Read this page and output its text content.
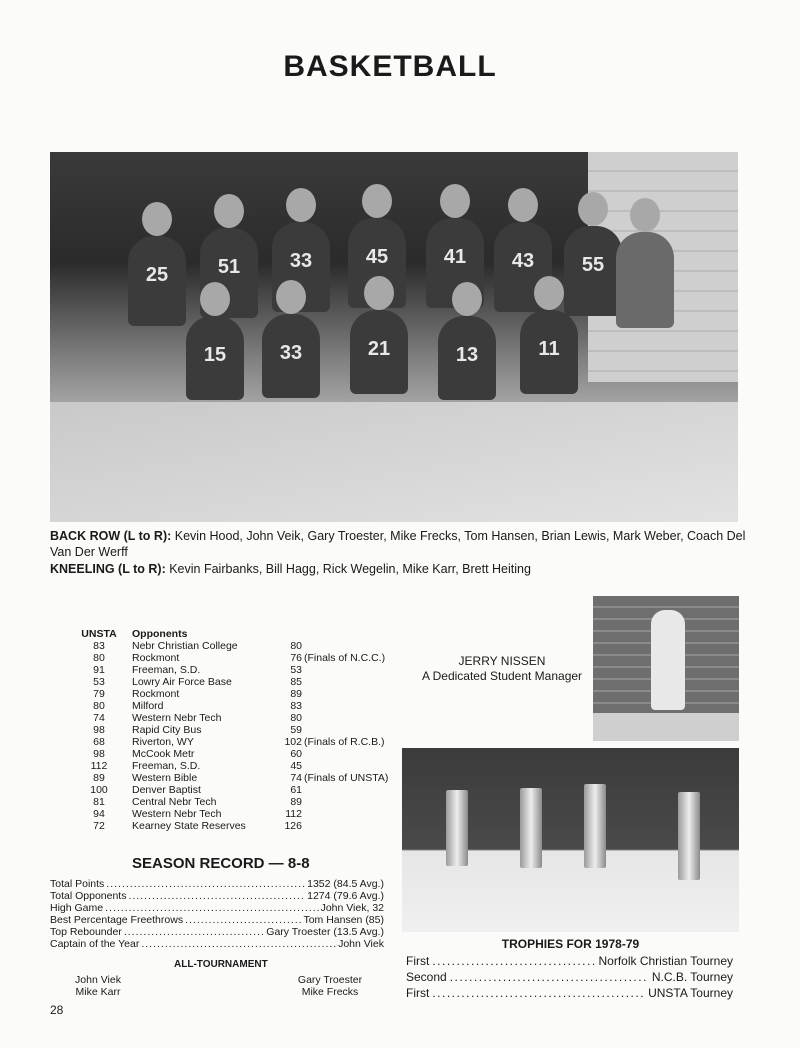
BASKETBALL
25	51	33	45	41	43	55
15	33	21	13	11
BACK ROW (L to R): Kevin Hood, John Veik, Gary Troester, Mike Frecks, Tom Hansen, Brian Lewis, Mark Weber, Coach Del Van Der Werff
KNEELING (L to R): Kevin Fairbanks, Bill Hagg, Rick Wegelin, Mike Karr, Brett Heiting
UNSTA	Opponents
83	Nebr Christian College	80
80	Rockmont	76 (Finals of N.C.C.)
91	Freeman, S.D.	53
53	Lowry Air Force Base	85
79	Rockmont	89
80	Milford	83
74	Western Nebr Tech	80
98	Rapid City Bus	59
68	Riverton, WY	102 (Finals of R.C.B.)
98	McCook Metr	60
112	Freeman, S.D.	45
89	Western Bible	74 (Finals of UNSTA)
100	Denver Baptist	61
81	Central Nebr Tech	89
94	Western Nebr Tech	112
72	Kearney State Reserves	126
SEASON RECORD — 8-8
Total Points .....	1352 (84.5 Avg.)
Total Opponents .....	1274 (79.6 Avg.)
High Game .....	John Viek, 32
Best Percentage Freethrows .....	Tom Hansen (85)
Top Rebounder .....	Gary Troester (13.5 Avg.)
Captain of the Year .....	John Viek
ALL-TOURNAMENT
John Viek
Mike Karr
Gary Troester
Mike Frecks
28
JERRY NISSEN
A Dedicated Student Manager
TROPHIES FOR 1978-79
First .....	Norfolk Christian Tourney
Second .....	N.C.B. Tourney
First .....	UNSTA Tourney
